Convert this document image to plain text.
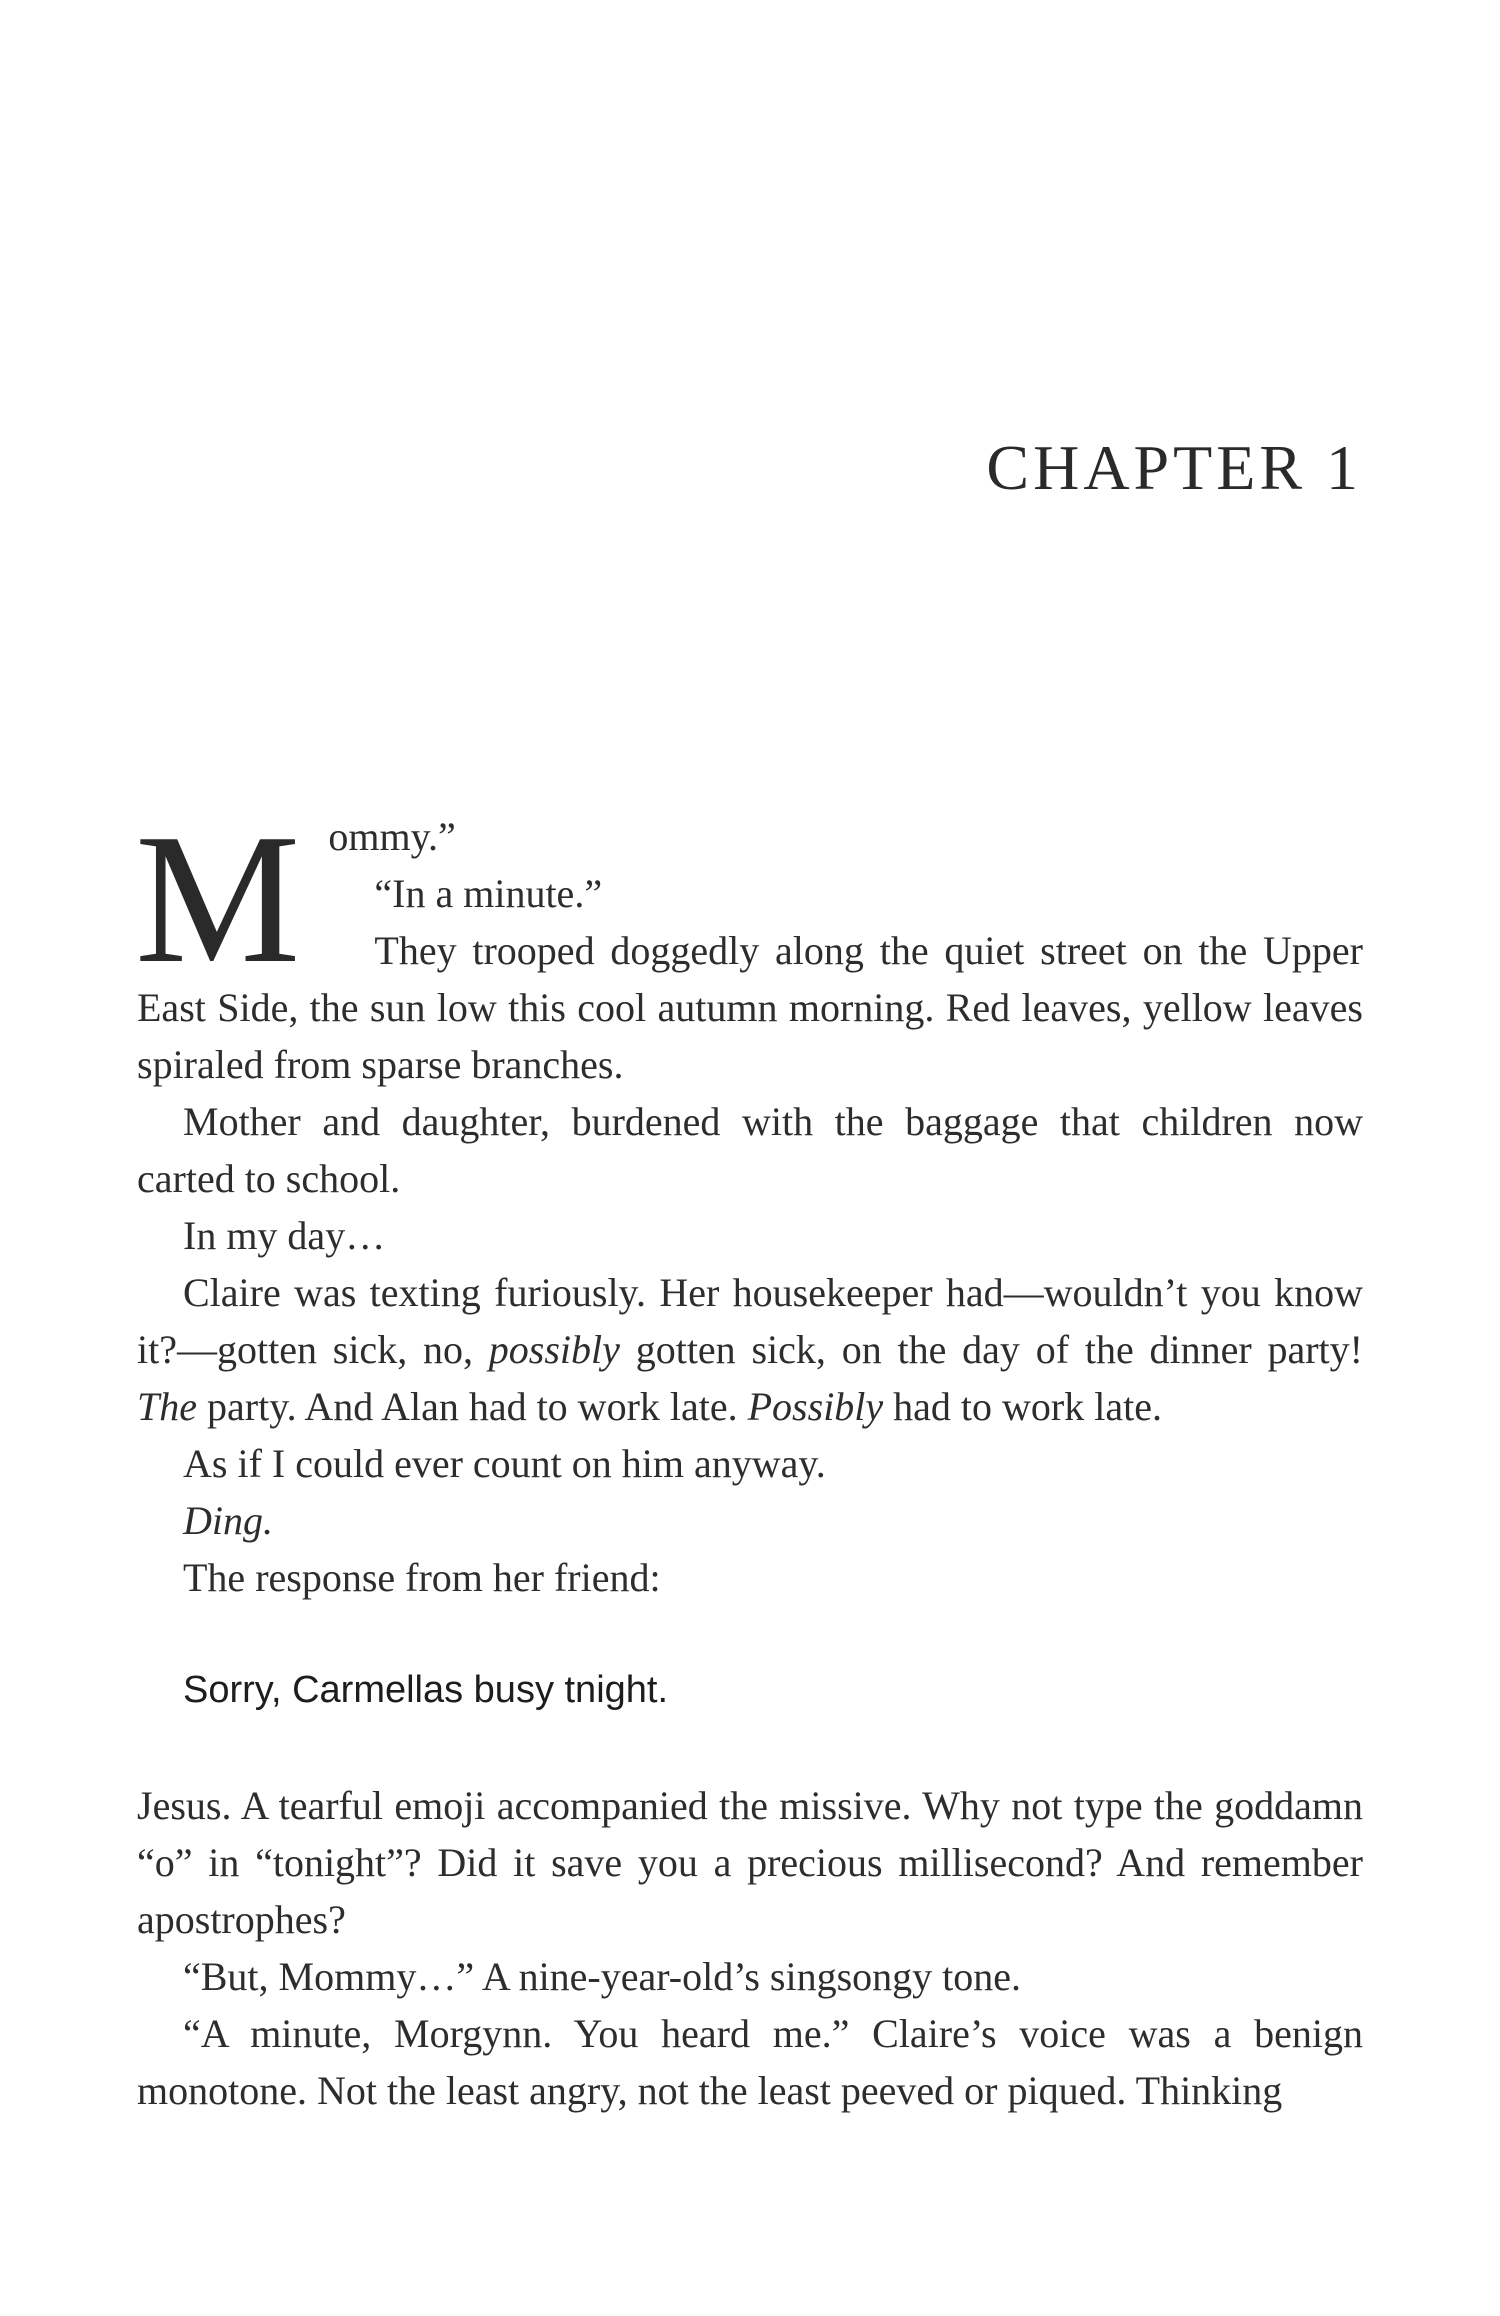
CHAPTER 1
M ommy.”

“In a minute.”

They trooped doggedly along the quiet street on the Upper East Side, the sun low this cool autumn morning. Red leaves, yellow leaves spiraled from sparse branches.

Mother and daughter, burdened with the baggage that children now carted to school.

In my day…

Claire was texting furiously. Her housekeeper had—wouldn’t you know it?—gotten sick, no, possibly gotten sick, on the day of the dinner party! The party. And Alan had to work late. Possibly had to work late.

As if I could ever count on him anyway.

Ding.

The response from her friend:

Sorry, Carmellas busy tnight.

Jesus. A tearful emoji accompanied the missive. Why not type the goddamn “o” in “tonight”? Did it save you a precious millisecond? And remember apostrophes?

“But, Mommy…” A nine-year-old’s singsongy tone.

“A minute, Morgynn. You heard me.” Claire’s voice was a benign monotone. Not the least angry, not the least peeved or piqued. Thinking
